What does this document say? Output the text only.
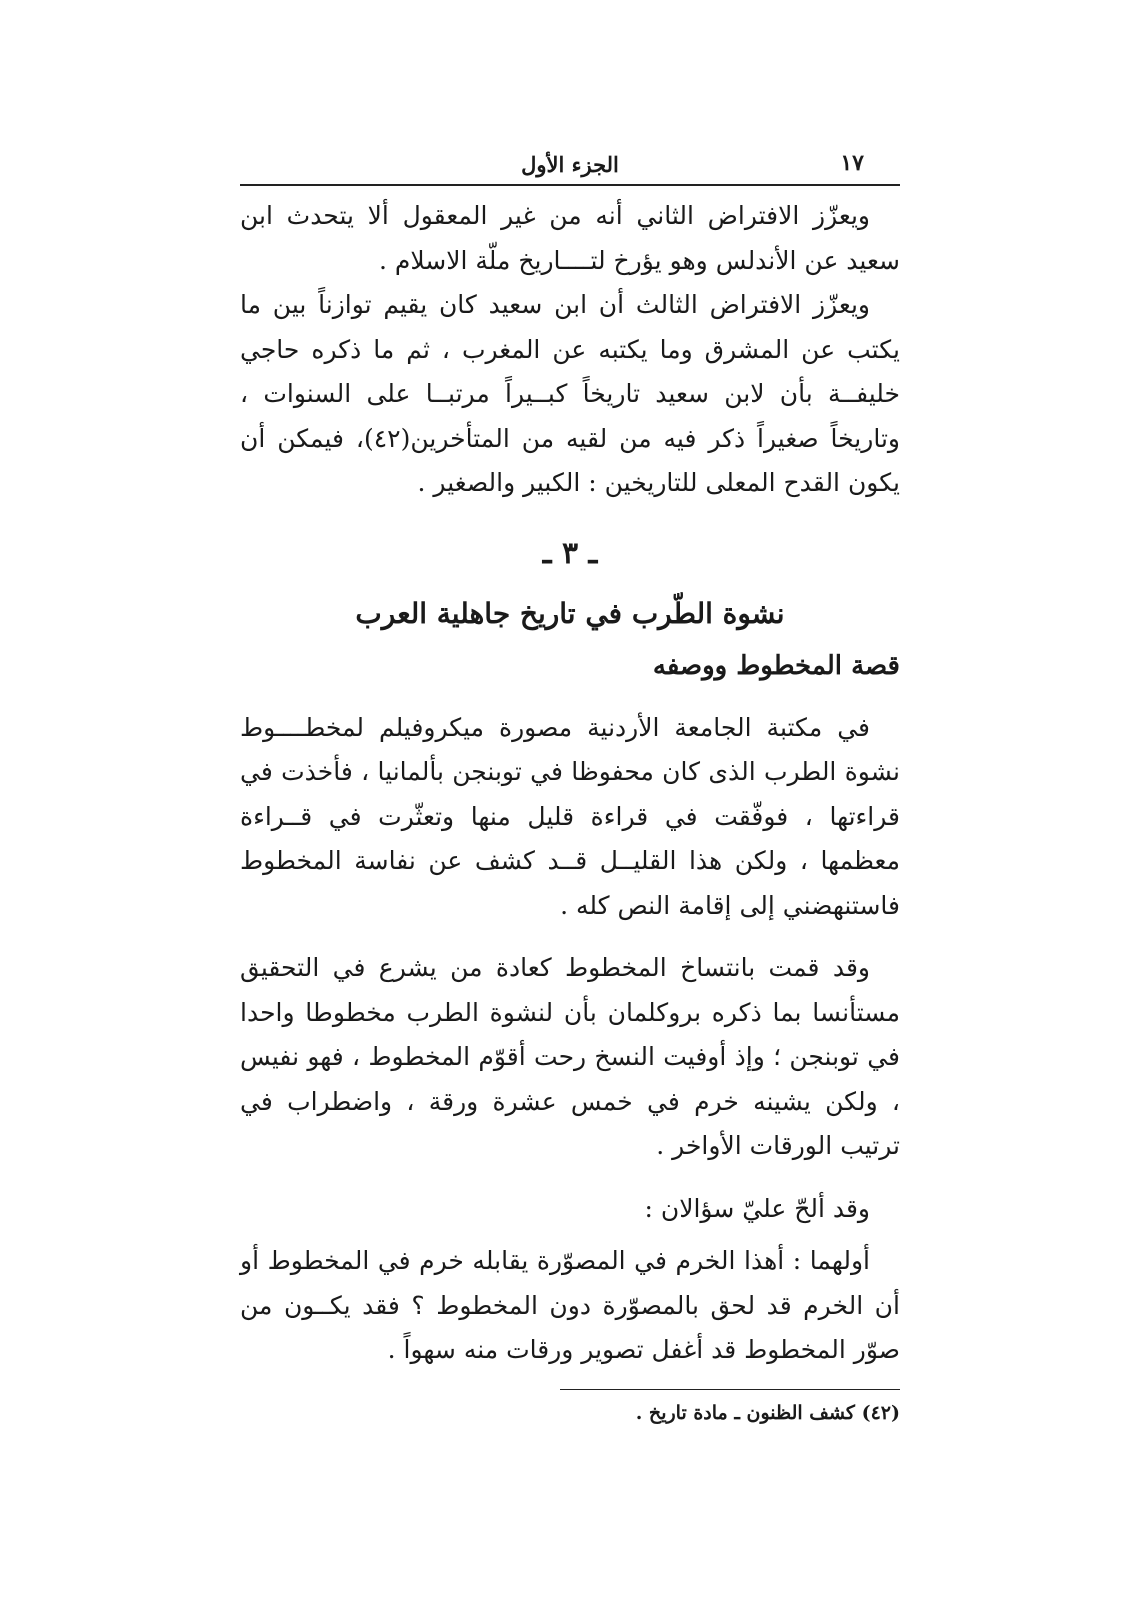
١٧
الجزء الأول

ويعزّز الافتراض الثاني أنه من غير المعقول ألا يتحدث ابن سعيد عن الأندلس وهو يؤرخ لتــــاريخ ملّة الاسلام .

ويعزّز الافتراض الثالث أن ابن سعيد كان يقيم توازناً بين ما يكتب عن المشرق وما يكتبه عن المغرب ، ثم ما ذكره حاجي خليفــة بأن لابن سعيد تاريخاً كبــيراً مرتبــا على السنوات ، وتاريخاً صغيراً ذكر فيه من لقيه من المتأخرين(٤٢)، فيمكن أن يكون القدح المعلى للتاريخين : الكبير والصغير .

ـ ٣ ـ
نشوة الطّرب في تاريخ جاهلية العرب
قصة المخطوط ووصفه

في مكتبة الجامعة الأردنية مصورة ميكروفيلم لمخطــــوط نشوة الطرب الذى كان محفوظا في توبنجن بألمانيا ، فأخذت في قراءتها ، فوفّقت في قراءة قليل منها وتعثّرت في قــراءة معظمها ، ولكن هذا القليــل قــد كشف عن نفاسة المخطوط فاستنهضني إلى إقامة النص كله .

وقد قمت بانتساخ المخطوط كعادة من يشرع في التحقيق مستأنسا بما ذكره بروكلمان بأن لنشوة الطرب مخطوطا واحدا في توبنجن ؛ وإذ أوفيت النسخ رحت أقوّم المخطوط ، فهو نفيس ، ولكن يشينه خرم في خمس عشرة ورقة ، واضطراب في ترتيب الورقات الأواخر .

وقد ألحّ عليّ سؤالان :

أولهما : أهذا الخرم في المصوّرة يقابله خرم في المخطوط أو أن الخرم قد لحق بالمصوّرة دون المخطوط ؟ فقد يكــون من صوّر المخطوط قد أغفل تصوير ورقات منه سهواً .

(٤٢) كشف الظنون ـ مادة تاريخ .
